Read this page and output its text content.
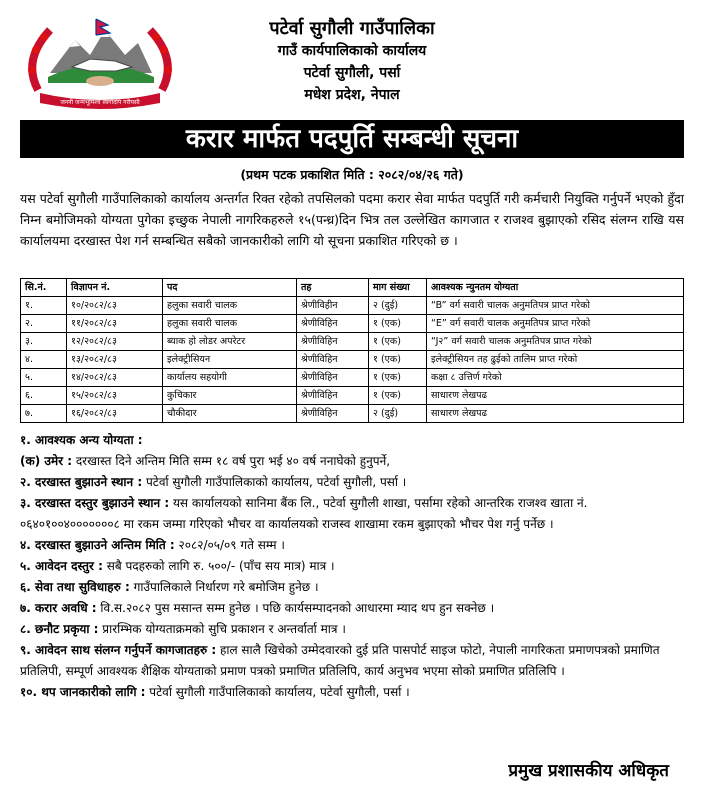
जननी जन्मभूमिश्च स्वर्गादपि गरीयसी
पटेर्वा सुगौली गाउँपालिका
गाउँ कार्यपालिकाको कार्यालय
पटेर्वा सुगौली, पर्सा
मधेश प्रदेश, नेपाल
करार मार्फत पदपुर्ति सम्बन्धी सूचना
(प्रथम पटक प्रकाशित मिति : २०८२/०४/२६ गते)
यस पटेर्वा सुगौली गाउँपालिकाको कार्यालय अन्तर्गत रिक्त रहेको तपसिलको पदमा करार सेवा मार्फत पदपुर्ति गरी कर्मचारी नियुक्ति गर्नुपर्ने भएको हुँदा निम्न बमोजिमको योग्यता पुगेका इच्छुक नेपाली नागरिकहरुले १५(पन्ध्र)दिन भित्र तल उल्लेखित कागजात र राजश्व बुझाएको रसिद संलग्न राखि यस कार्यालयमा दरखास्त पेश गर्न सम्बन्धित सबैको जानकारीको लागि यो सूचना प्रकाशित गरिएको छ ।
सि.नं.	विज्ञापन नं.	पद	तह	माग संख्या	आवश्यक न्युनतम योग्यता
१.	१०/२०८२/८३	हलुका सवारी चालक	श्रेणीविहीन	२ (दुई)	“B” वर्ग सवारी चालक अनुमतिपत्र प्राप्त गरेको
२.	११/२०८२/८३	हलुका सवारी चालक	श्रेणीविहिन	१ (एक)	“E” वर्ग सवारी चालक अनुमतिपत्र प्राप्त गरेको
३.	१२/२०८२/८३	ब्याक हो लोडर अपरेटर	श्रेणीविहिन	१ (एक)	“J२” वर्ग सवारी चालक अनुमतिपत्र प्राप्त गरेको
४.	१३/२०८२/८३	इलेक्ट्रीसियन	श्रेणीविहिन	१ (एक)	इलेक्ट्रीसियन तह ढुईको तालिम प्राप्त गरेको
५.	१४/२०८२/८३	कार्यालय सहयोगी	श्रेणीविहिन	१ (एक)	कक्षा ८ उत्तिर्ण गरेको
६.	१५/२०८२/८३	कुचिकार	श्रेणीविहिन	१ (एक)	साधारण लेखपढ
७.	१६/२०८२/८३	चौकीदार	श्रेणीविहिन	२ (दुई)	साधारण लेखपढ

१. आवश्यक अन्य योग्यता :

(क) उमेर : दरखास्त दिने अन्तिम मिति सम्म १८ वर्ष पुरा भई ४० वर्ष ननाघेको हुनुपर्ने,

२. दरखास्त बुझाउने स्थान : पटेर्वा सुगौली गाउँपालिकाको कार्यालय, पटेर्वा सुगौली, पर्सा ।

३. दरखास्त दस्तुर बुझाउने स्थान : यस कार्यालयको सानिमा बैंक लि., पटेर्वा सुगौली शाखा, पर्सामा रहेको आन्तरिक राजश्व खाता नं. ०६४०१००४०००००००८ मा रकम जम्मा गरिएको भौचर वा कार्यालयको राजस्व शाखामा रकम बुझाएको भौचर पेश गर्नु पर्नेछ ।

४. दरखास्त बुझाउने अन्तिम मिति : २०८२/०५/०९ गते सम्म ।

५. आवेदन दस्तुर : सबै पदहरुको लागि रु. ५००/- (पाँच सय मात्र) मात्र ।

६. सेवा तथा सुविधाहरु : गाउँपालिकाले निर्धारण गरे बमोजिम हुनेछ ।

७. करार अवधि : वि.स.२०८२ पुस मसान्त सम्म हुनेछ । पछि कार्यसम्पादनको आधारमा म्याद थप हुन सक्नेछ ।

८. छनौट प्रकृया : प्रारम्भिक योग्यताक्रमको सुचि प्रकाशन र अन्तर्वार्ता मात्र ।

९. आवेदन साथ संलग्न गर्नुपर्ने कागजातहरु : हाल सालै खिचेको उम्मेदवारको दुई प्रति पासपोर्ट साइज फोटो, नेपाली नागरिकता प्रमाणपत्रको प्रमाणित प्रतिलिपी, सम्पूर्ण आवश्यक शैक्षिक योग्यताको प्रमाण पत्रको प्रमाणित प्रतिलिपि, कार्य अनुभव भएमा सोको प्रमाणित प्रतिलिपि ।

१०. थप जानकारीको लागि : पटेर्वा सुगौली गाउँपालिकाको कार्यालय, पटेर्वा सुगौली, पर्सा ।

प्रमुख प्रशासकीय अधिकृत
